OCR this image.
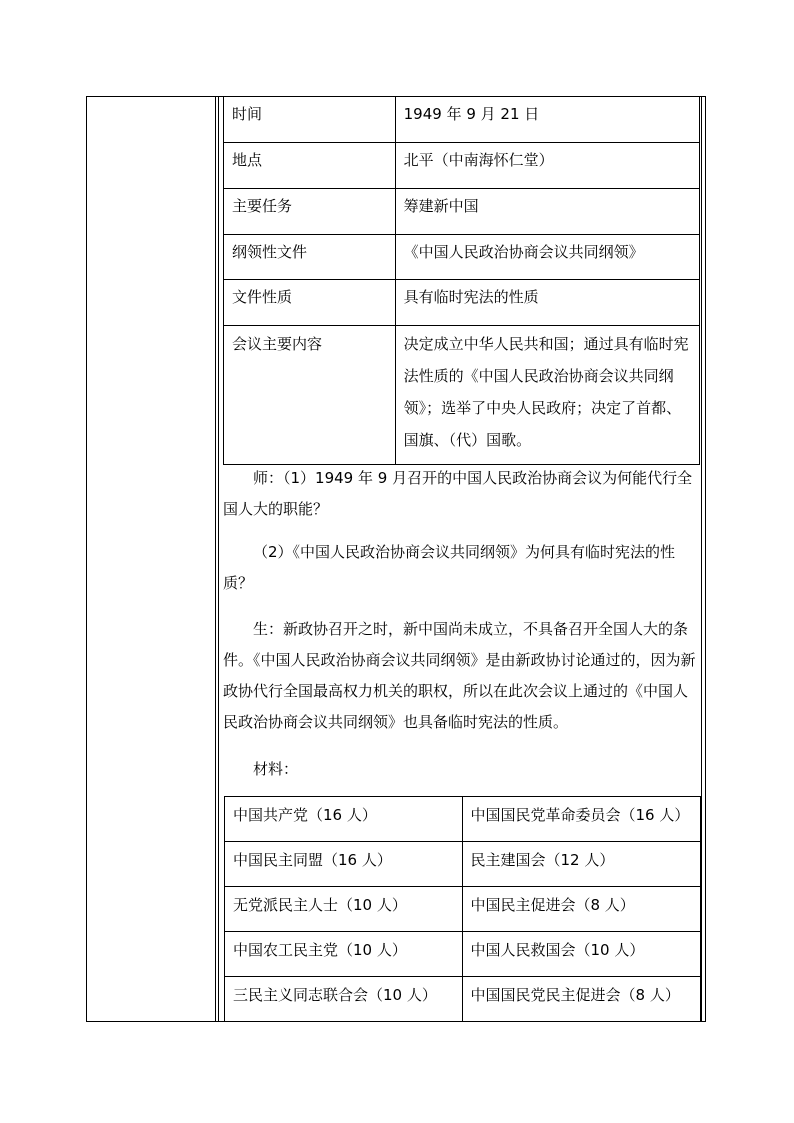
时间	1949 年 9 月 21 日
地点	北平（中南海怀仁堂）
主要任务	筹建新中国
纲领性文件	《中国人民政治协商会议共同纲领》
文件性质	具有临时宪法的性质
会议主要内容	决定成立中华人民共和国；通过具有临时宪法性质的《中国人民政治协商会议共同纲领》；选举了中央人民政府；决定了首都、国旗、（代）国歌。

师：（1）1949 年 9 月召开的中国人民政治协商会议为何能代行全国人大的职能？

（2）《中国人民政治协商会议共同纲领》为何具有临时宪法的性质？

生：新政协召开之时，新中国尚未成立，不具备召开全国人大的条件。《中国人民政治协商会议共同纲领》是由新政协讨论通过的，因为新政协代行全国最高权力机关的职权，所以在此次会议上通过的《中国人民政治协商会议共同纲领》也具备临时宪法的性质。

材料：

中国共产党（16 人）	中国国民党革命委员会（16 人）
中国民主同盟（16 人）	民主建国会（12 人）
无党派民主人士（10 人）	中国民主促进会（8 人）
中国农工民主党（10 人）	中国人民救国会（10 人）
三民主义同志联合会（10 人）	中国国民党民主促进会（8 人）
